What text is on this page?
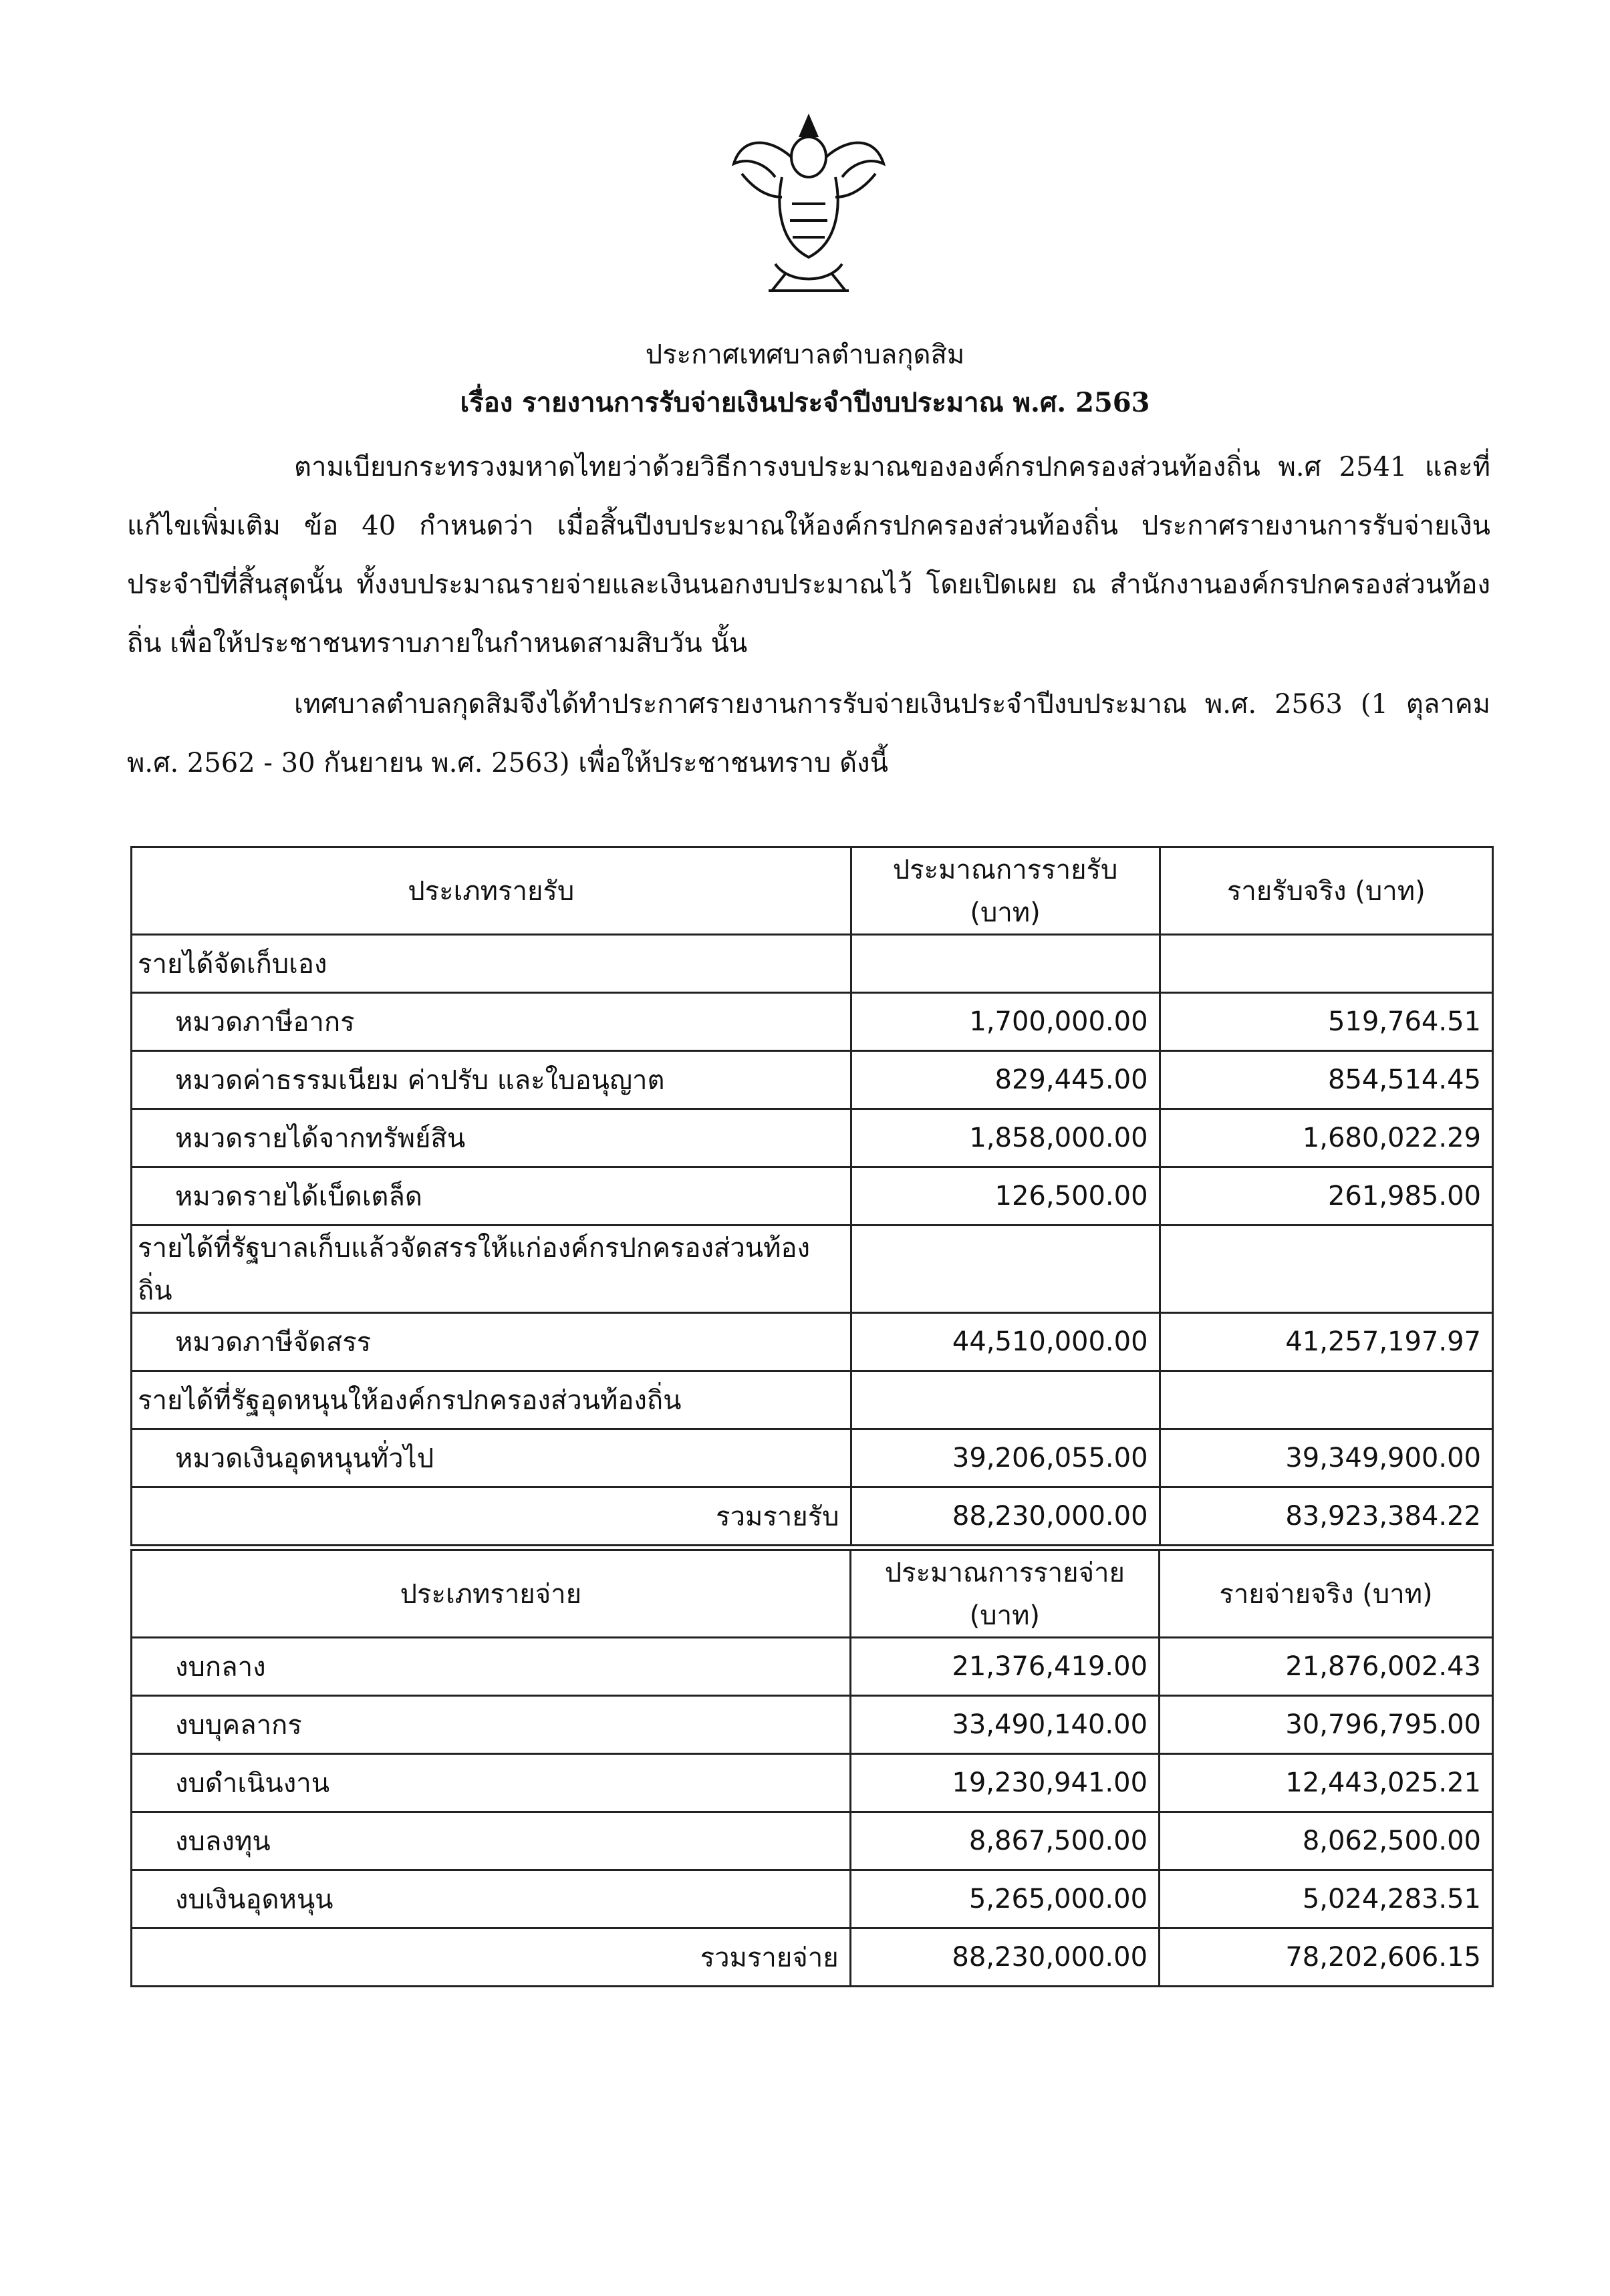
ประกาศเทศบาลตำบลกุดสิม
เรื่อง รายงานการรับจ่ายเงินประจำปีงบประมาณ พ.ศ. 2563
ตามเบียบกระทรวงมหาดไทยว่าด้วยวิธีการงบประมาณขององค์กรปกครองส่วนท้องถิ่น พ.ศ 2541 และที่แก้ไขเพิ่มเติม ข้อ 40 กำหนดว่า เมื่อสิ้นปีงบประมาณให้องค์กรปกครองส่วนท้องถิ่น ประกาศรายงานการรับจ่ายเงินประจำปีที่สิ้นสุดนั้น ทั้งงบประมาณรายจ่ายและเงินนอกงบประมาณไว้ โดยเปิดเผย ณ สำนักงานองค์กรปกครองส่วนท้องถิ่น เพื่อให้ประชาชนทราบภายในกำหนดสามสิบวัน นั้น
เทศบาลตำบลกุดสิมจึงได้ทำประกาศรายงานการรับจ่ายเงินประจำปีงบประมาณ พ.ศ. 2563 (1 ตุลาคม พ.ศ. 2562 - 30 กันยายน พ.ศ. 2563) เพื่อให้ประชาชนทราบ ดังนี้
ประเภทรายรับ	ประมาณการรายรับ (บาท)	รายรับจริง (บาท)
รายได้จัดเก็บเอง		
หมวดภาษีอากร	1,700,000.00	519,764.51
หมวดค่าธรรมเนียม ค่าปรับ และใบอนุญาต	829,445.00	854,514.45
หมวดรายได้จากทรัพย์สิน	1,858,000.00	1,680,022.29
หมวดรายได้เบ็ดเตล็ด	126,500.00	261,985.00
รายได้ที่รัฐบาลเก็บแล้วจัดสรรให้แก่องค์กรปกครองส่วนท้องถิ่น		
หมวดภาษีจัดสรร	44,510,000.00	41,257,197.97
รายได้ที่รัฐอุดหนุนให้องค์กรปกครองส่วนท้องถิ่น		
หมวดเงินอุดหนุนทั่วไป	39,206,055.00	39,349,900.00
รวมรายรับ	88,230,000.00	83,923,384.22
ประเภทรายจ่าย	ประมาณการรายจ่าย (บาท)	รายจ่ายจริง (บาท)
งบกลาง	21,376,419.00	21,876,002.43
งบบุคลากร	33,490,140.00	30,796,795.00
งบดำเนินงาน	19,230,941.00	12,443,025.21
งบลงทุน	8,867,500.00	8,062,500.00
งบเงินอุดหนุน	5,265,000.00	5,024,283.51
รวมรายจ่าย	88,230,000.00	78,202,606.15
